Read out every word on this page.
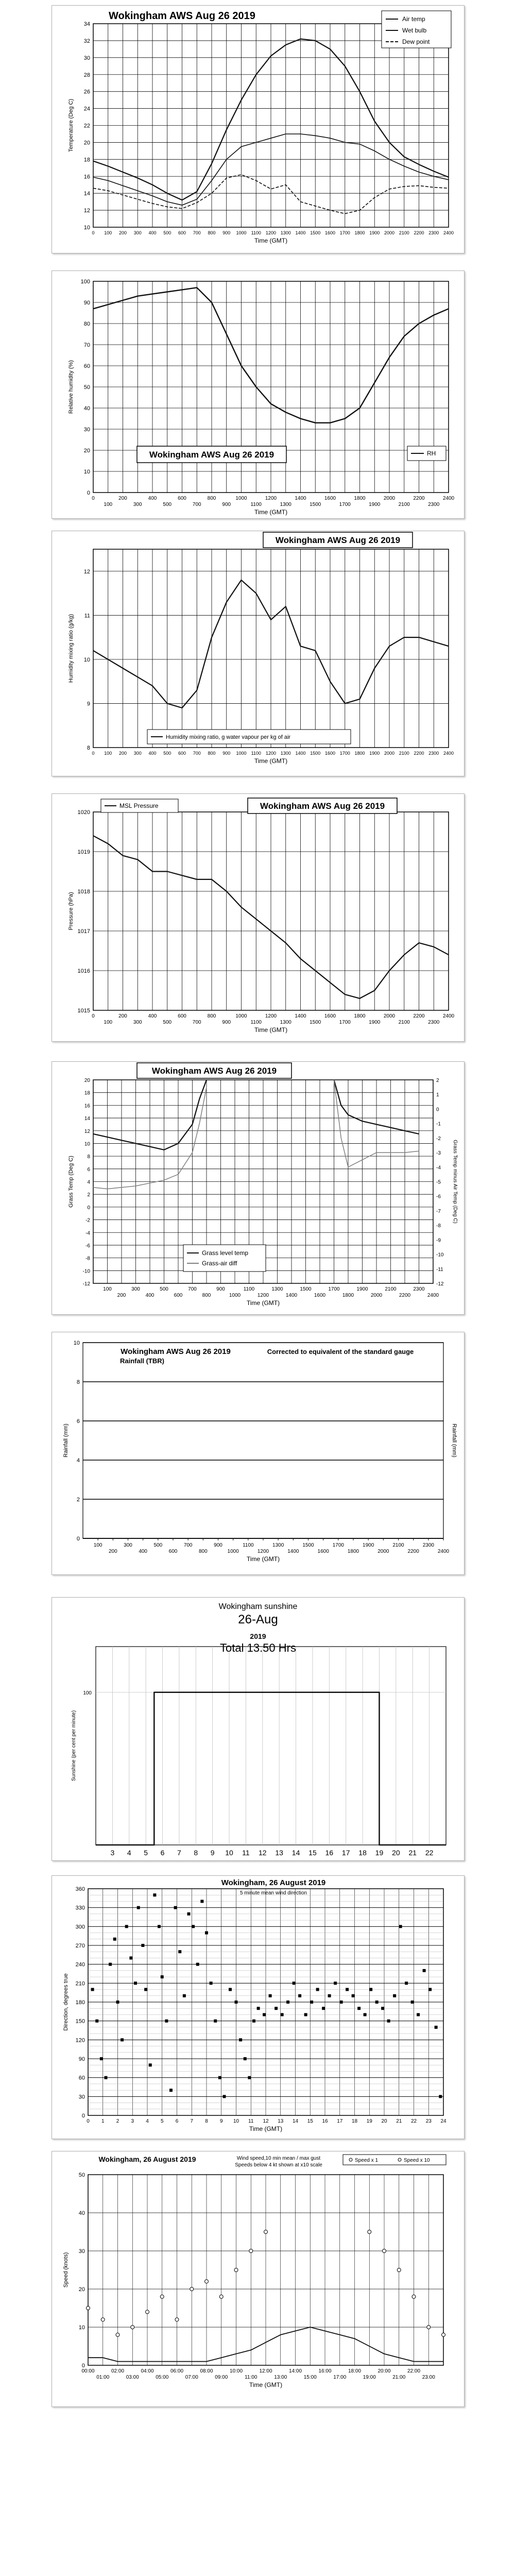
0 100 200 300 400 500 600 700 800 900 1000 1100 1200 1300 1400 1500 1600 1700 1800 1900 2000 2100 2200 2300 2400
10
12
14
16
18
20
22
24
26
28
30
32
34
Time (GMT)
Temperature (Deg C)
Wokingham AWS Aug 26 2019	Air temp
Wet bulb
Dew point
0
100
200
300
400
500
600
700
800
900
1000
1100
1200
1300
1400
1500
1600
1700
1800
1900
2000
2100
2200
2300
2400
0
10
20
30
40
50
60
70
80
90
100
Time (GMT)
Relative humidity (%)
Wokingham AWS Aug 26 2019	RH
0 100 200 300 400 500 600 700 800 900 1000 1100 1200 1300 1400 1500 1600 1700 1800 1900 2000 2100 2200 2300 2400
8
9
10
11
12
Time (GMT)
Humidity mixing ratio (g/kg)
Wokingham AWS Aug 26 2019
Humidity mixing ratio, g water vapour per kg of air
0
100
200
300
400
500
600
700
800
900
1000
1100
1200
1300
1400
1500
1600
1700
1800
1900
2000
2100
2200
2300
2400
1015
1016
1017
1018
1019
1020
Time (GMT)
Pressure (hPa)
Wokingham AWS Aug 26 2019
MSL Pressure
100
200
300
400
500
600
700
800
900
1000
1100
1200
1300
1400
1500
1600
1700
1800
1900
2000
2100
2200
2300
2400
-12
-10
-8
-6
-4
-2
0
2
4
6
8
10
12
14
16
18
20
Time (GMT)
Grass Temp (Deg C)
Wokingham AWS Aug 26 2019
-12
-11
-10
-9
-8
-7
-6
-5
-4
-3
-2
-1
0
1
2
Grass Temp minus Air Temp (Deg C)
Grass level temp
Grass-air diff
0
2
4
6
8
10
100
200
300
400
500
600
700
800
900
1000
1100
1200
1300
1400
1500
1600
1700
1800
1900
2000
2100
2200
2300
2400
Time (GMT)
Rainfall (mm)	Rainfall (mm)
Wokingham AWS Aug 26 2019
Rainfall (TBR)
Corrected to equivalent of the standard gauge
3 4 5 6 7 8 9 10 11 12 13 14 15 16 17 18 19 20 21 22
100
Sunshine (per cent per minute)
Wokingham sunshine
26-Aug
2019
Total 13.50 Hrs
0 1 2 3 4 5 6 7 8 9 10 11 12 13 14 15 16 17 18 19 20 21 22 23 24
0
30
60
90
120
150
180
210
240
270
300
330
360
Time (GMT)
Direction, degrees true
Wokingham, 26 August 2019
5 minute mean wind direction
00:00
01:00
02:00
03:00
04:00
05:00
06:00
07:00
08:00
09:00
10:00
11:00
12:00
13:00
14:00
15:00
16:00
17:00
18:00
19:00
20:00
21:00
22:00
23:00
0
10
20
30
40
50
Time (GMT)
Speed (knots)
Wokingham, 26 August 2019	Wind speed,10 min mean / max gust
Speeds below 4 kt shown at x10 scale
Speed x 1	Speed x 10
